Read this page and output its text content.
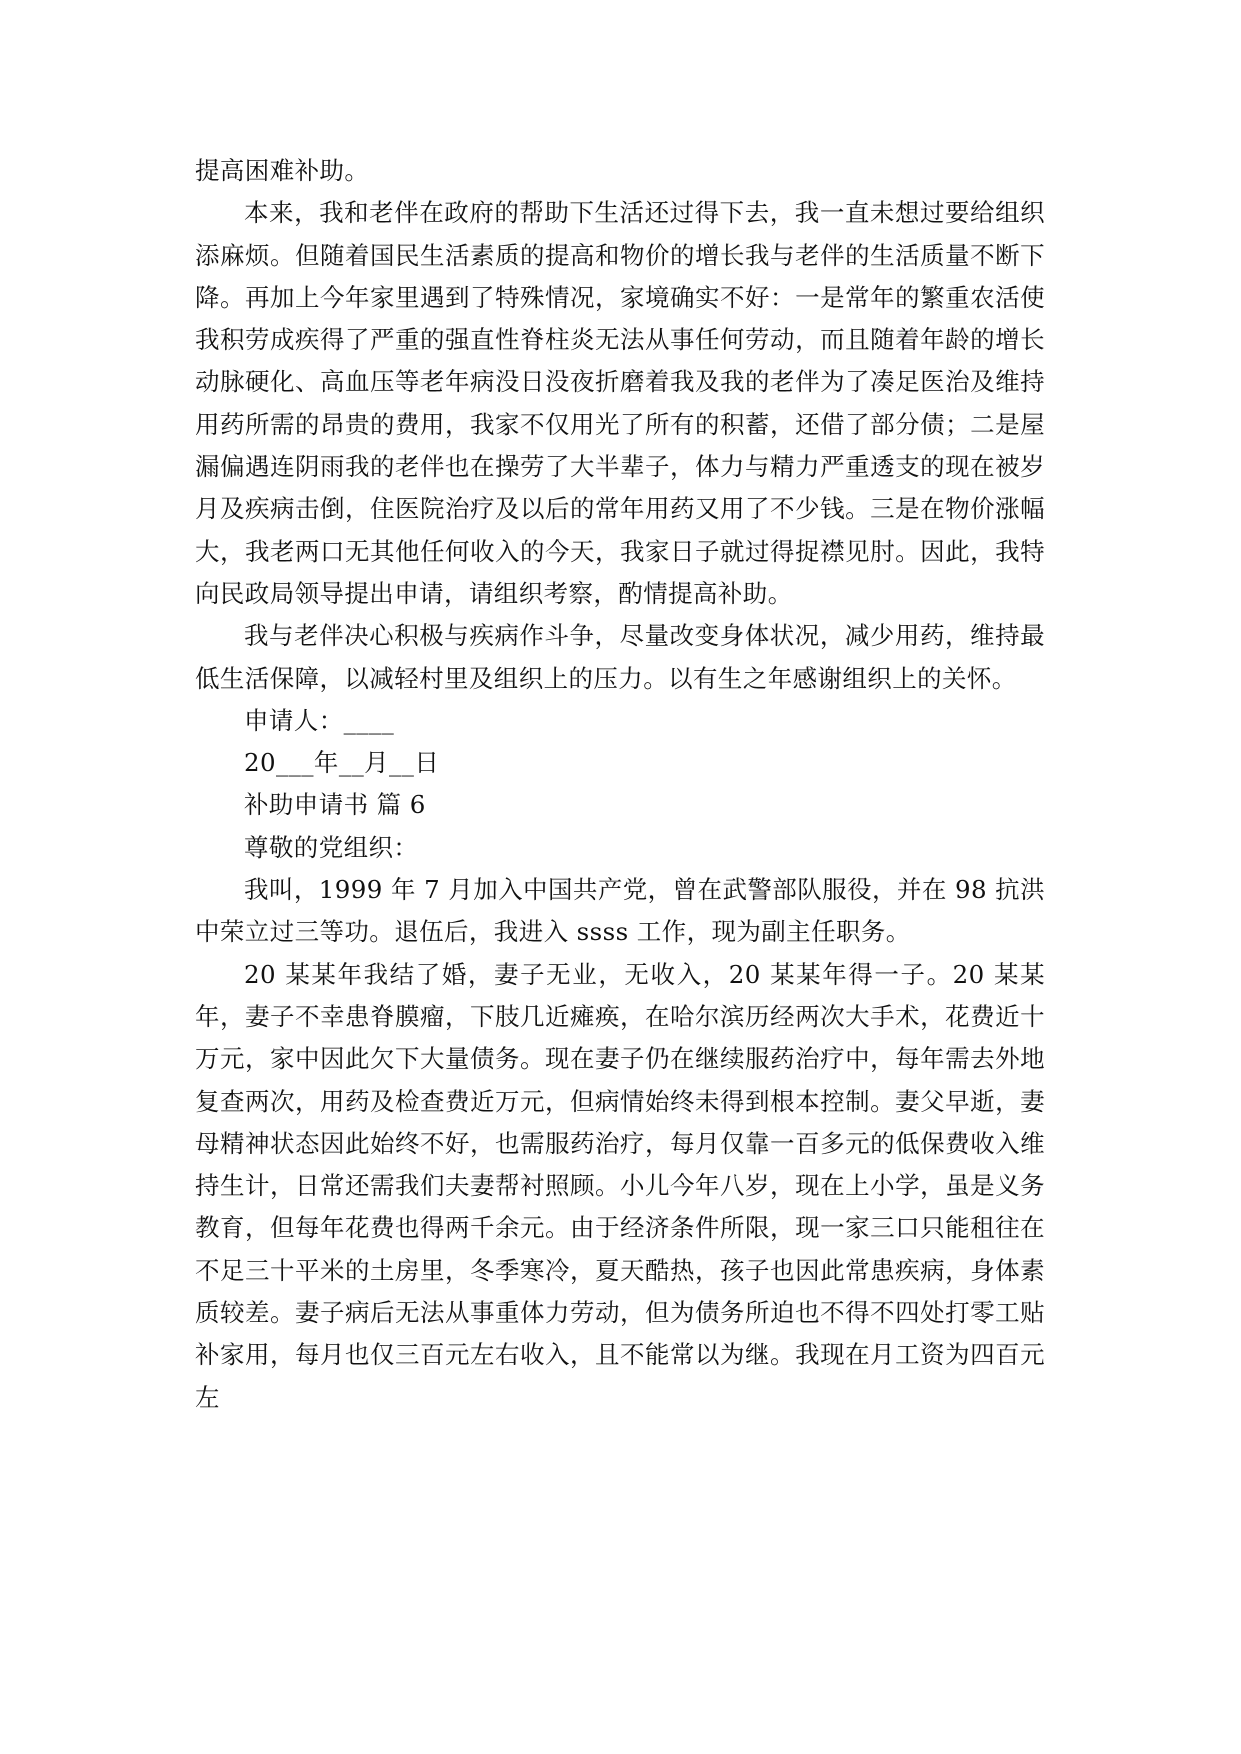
提高困难补助。

本来，我和老伴在政府的帮助下生活还过得下去，我一直未想过要给组织添麻烦。但随着国民生活素质的提高和物价的增长我与老伴的生活质量不断下降。再加上今年家里遇到了特殊情况，家境确实不好：一是常年的繁重农活使我积劳成疾得了严重的强直性脊柱炎无法从事任何劳动，而且随着年龄的增长动脉硬化、高血压等老年病没日没夜折磨着我及我的老伴为了凑足医治及维持用药所需的昂贵的费用，我家不仅用光了所有的积蓄，还借了部分债；二是屋漏偏遇连阴雨我的老伴也在操劳了大半辈子，体力与精力严重透支的现在被岁月及疾病击倒，住医院治疗及以后的常年用药又用了不少钱。三是在物价涨幅大，我老两口无其他任何收入的今天，我家日子就过得捉襟见肘。因此，我特向民政局领导提出申请，请组织考察，酌情提高补助。

我与老伴决心积极与疾病作斗争，尽量改变身体状况，减少用药，维持最低生活保障，以减轻村里及组织上的压力。以有生之年感谢组织上的关怀。

申请人：____

20___年__月__日

补助申请书 篇 6

尊敬的党组织：

我叫，1999 年 7 月加入中国共产党，曾在武警部队服役，并在 98 抗洪中荣立过三等功。退伍后，我进入 ssss 工作，现为副主任职务。

20 某某年我结了婚，妻子无业，无收入，20 某某年得一子。20 某某年，妻子不幸患脊膜瘤，下肢几近瘫痪，在哈尔滨历经两次大手术，花费近十万元，家中因此欠下大量债务。现在妻子仍在继续服药治疗中，每年需去外地复查两次，用药及检查费近万元，但病情始终未得到根本控制。妻父早逝，妻母精神状态因此始终不好，也需服药治疗，每月仅靠一百多元的低保费收入维持生计，日常还需我们夫妻帮衬照顾。小儿今年八岁，现在上小学，虽是义务教育，但每年花费也得两千余元。由于经济条件所限，现一家三口只能租往在不足三十平米的土房里，冬季寒冷，夏天酷热，孩子也因此常患疾病，身体素质较差。妻子病后无法从事重体力劳动，但为债务所迫也不得不四处打零工贴补家用，每月也仅三百元左右收入，且不能常以为继。我现在月工资为四百元左
